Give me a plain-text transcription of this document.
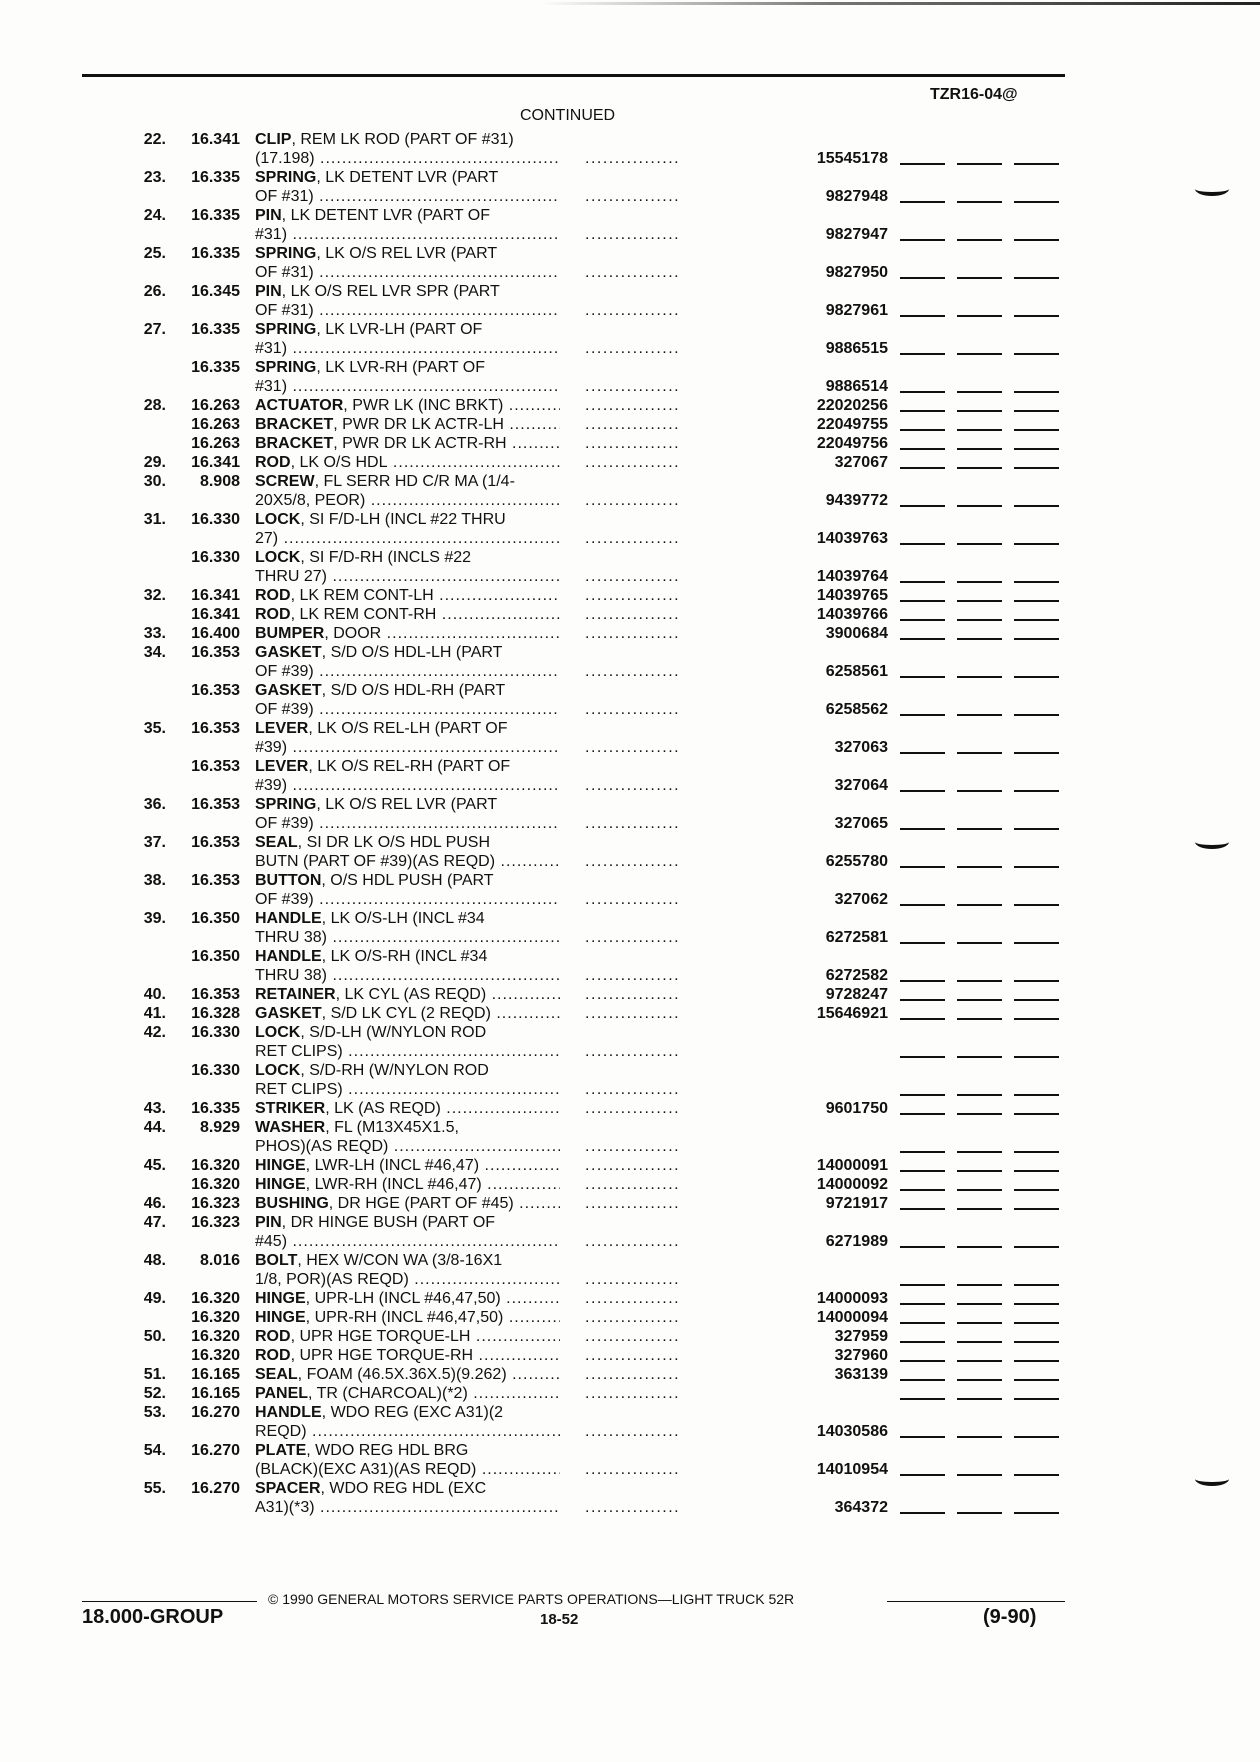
TZR16-04@
CONTINUED
22.	16.341 CLIP, REM LK ROD (PART OF #31)
(17.198) .....	................	15545178
23.	16.335 SPRING, LK DETENT LVR (PART
OF #31) .....	................	9827948
24.	16.335 PIN, LK DETENT LVR (PART OF
#31) .....	................	9827947
25.	16.335 SPRING, LK O/S REL LVR (PART
OF #31) .....	................	9827950
26.	16.345 PIN, LK O/S REL LVR SPR (PART
OF #31) .....	................	9827961
27.	16.335 SPRING, LK LVR-LH (PART OF
#31) .....	................	9886515
16.335 SPRING, LK LVR-RH (PART OF
#31) .....	................	9886514
28.	16.263 ACTUATOR, PWR LK (INC BRKT) .....	................	22020256
16.263 BRACKET, PWR DR LK ACTR-LH .....	................	22049755
16.263 BRACKET, PWR DR LK ACTR-RH .....	................	22049756
29.	16.341 ROD, LK O/S HDL .....	................	327067
30.	8.908 SCREW, FL SERR HD C/R MA (1/4-
20X5/8, PEOR) .....	................	9439772
31.	16.330 LOCK, SI F/D-LH (INCL #22 THRU
27) .....	................	14039763
16.330 LOCK, SI F/D-RH (INCLS #22
THRU 27) .....	................	14039764
32.	16.341 ROD, LK REM CONT-LH .....	................	14039765
16.341 ROD, LK REM CONT-RH .....	................	14039766
33.	16.400 BUMPER, DOOR .....	................	3900684
34.	16.353 GASKET, S/D O/S HDL-LH (PART
OF #39) .....	................	6258561
16.353 GASKET, S/D O/S HDL-RH (PART
OF #39) .....	................	6258562
35.	16.353 LEVER, LK O/S REL-LH (PART OF
#39) .....	................	327063
16.353 LEVER, LK O/S REL-RH (PART OF
#39) .....	................	327064
36.	16.353 SPRING, LK O/S REL LVR (PART
OF #39) .....	................	327065
37.	16.353 SEAL, SI DR LK O/S HDL PUSH
BUTN (PART OF #39)(AS REQD) .....	................	6255780
38.	16.353 BUTTON, O/S HDL PUSH (PART
OF #39) .....	................	327062
39.	16.350 HANDLE, LK O/S-LH (INCL #34
THRU 38) .....	................	6272581
16.350 HANDLE, LK O/S-RH (INCL #34
THRU 38) .....	................	6272582
40.	16.353 RETAINER, LK CYL (AS REQD) .....	................	9728247
41.	16.328 GASKET, S/D LK CYL (2 REQD) .....	................	15646921
42.	16.330 LOCK, S/D-LH (W/NYLON ROD
RET CLIPS) .....	................
16.330 LOCK, S/D-RH (W/NYLON ROD
RET CLIPS) .....	................
43.	16.335 STRIKER, LK (AS REQD) .....	................	9601750
44.	8.929 WASHER, FL (M13X45X1.5,
PHOS)(AS REQD) .....	................
45.	16.320 HINGE, LWR-LH (INCL #46,47) .....	................	14000091
16.320 HINGE, LWR-RH (INCL #46,47) .....	................	14000092
46.	16.323 BUSHING, DR HGE (PART OF #45) .....	................	9721917
47.	16.323 PIN, DR HINGE BUSH (PART OF
#45) .....	................	6271989
48.	8.016 BOLT, HEX W/CON WA (3/8-16X1
1/8, POR)(AS REQD) .....	................
49.	16.320 HINGE, UPR-LH (INCL #46,47,50) .....	................	14000093
16.320 HINGE, UPR-RH (INCL #46,47,50) .....	................	14000094
50.	16.320 ROD, UPR HGE TORQUE-LH .....	................	327959
16.320 ROD, UPR HGE TORQUE-RH .....	................	327960
51.	16.165 SEAL, FOAM (46.5X.36X.5)(9.262) .....	................	363139
52.	16.165 PANEL, TR (CHARCOAL)(*2) .....	................
53.	16.270 HANDLE, WDO REG (EXC A31)(2
REQD) .....	................	14030586
54.	16.270 PLATE, WDO REG HDL BRG
(BLACK)(EXC A31)(AS REQD) .....	................	14010954
55.	16.270 SPACER, WDO REG HDL (EXC
A31)(*3) .....	................	364372
© 1990 GENERAL MOTORS SERVICE PARTS OPERATIONS—LIGHT TRUCK 52R
18.000-GROUP	18-52	(9-90)
